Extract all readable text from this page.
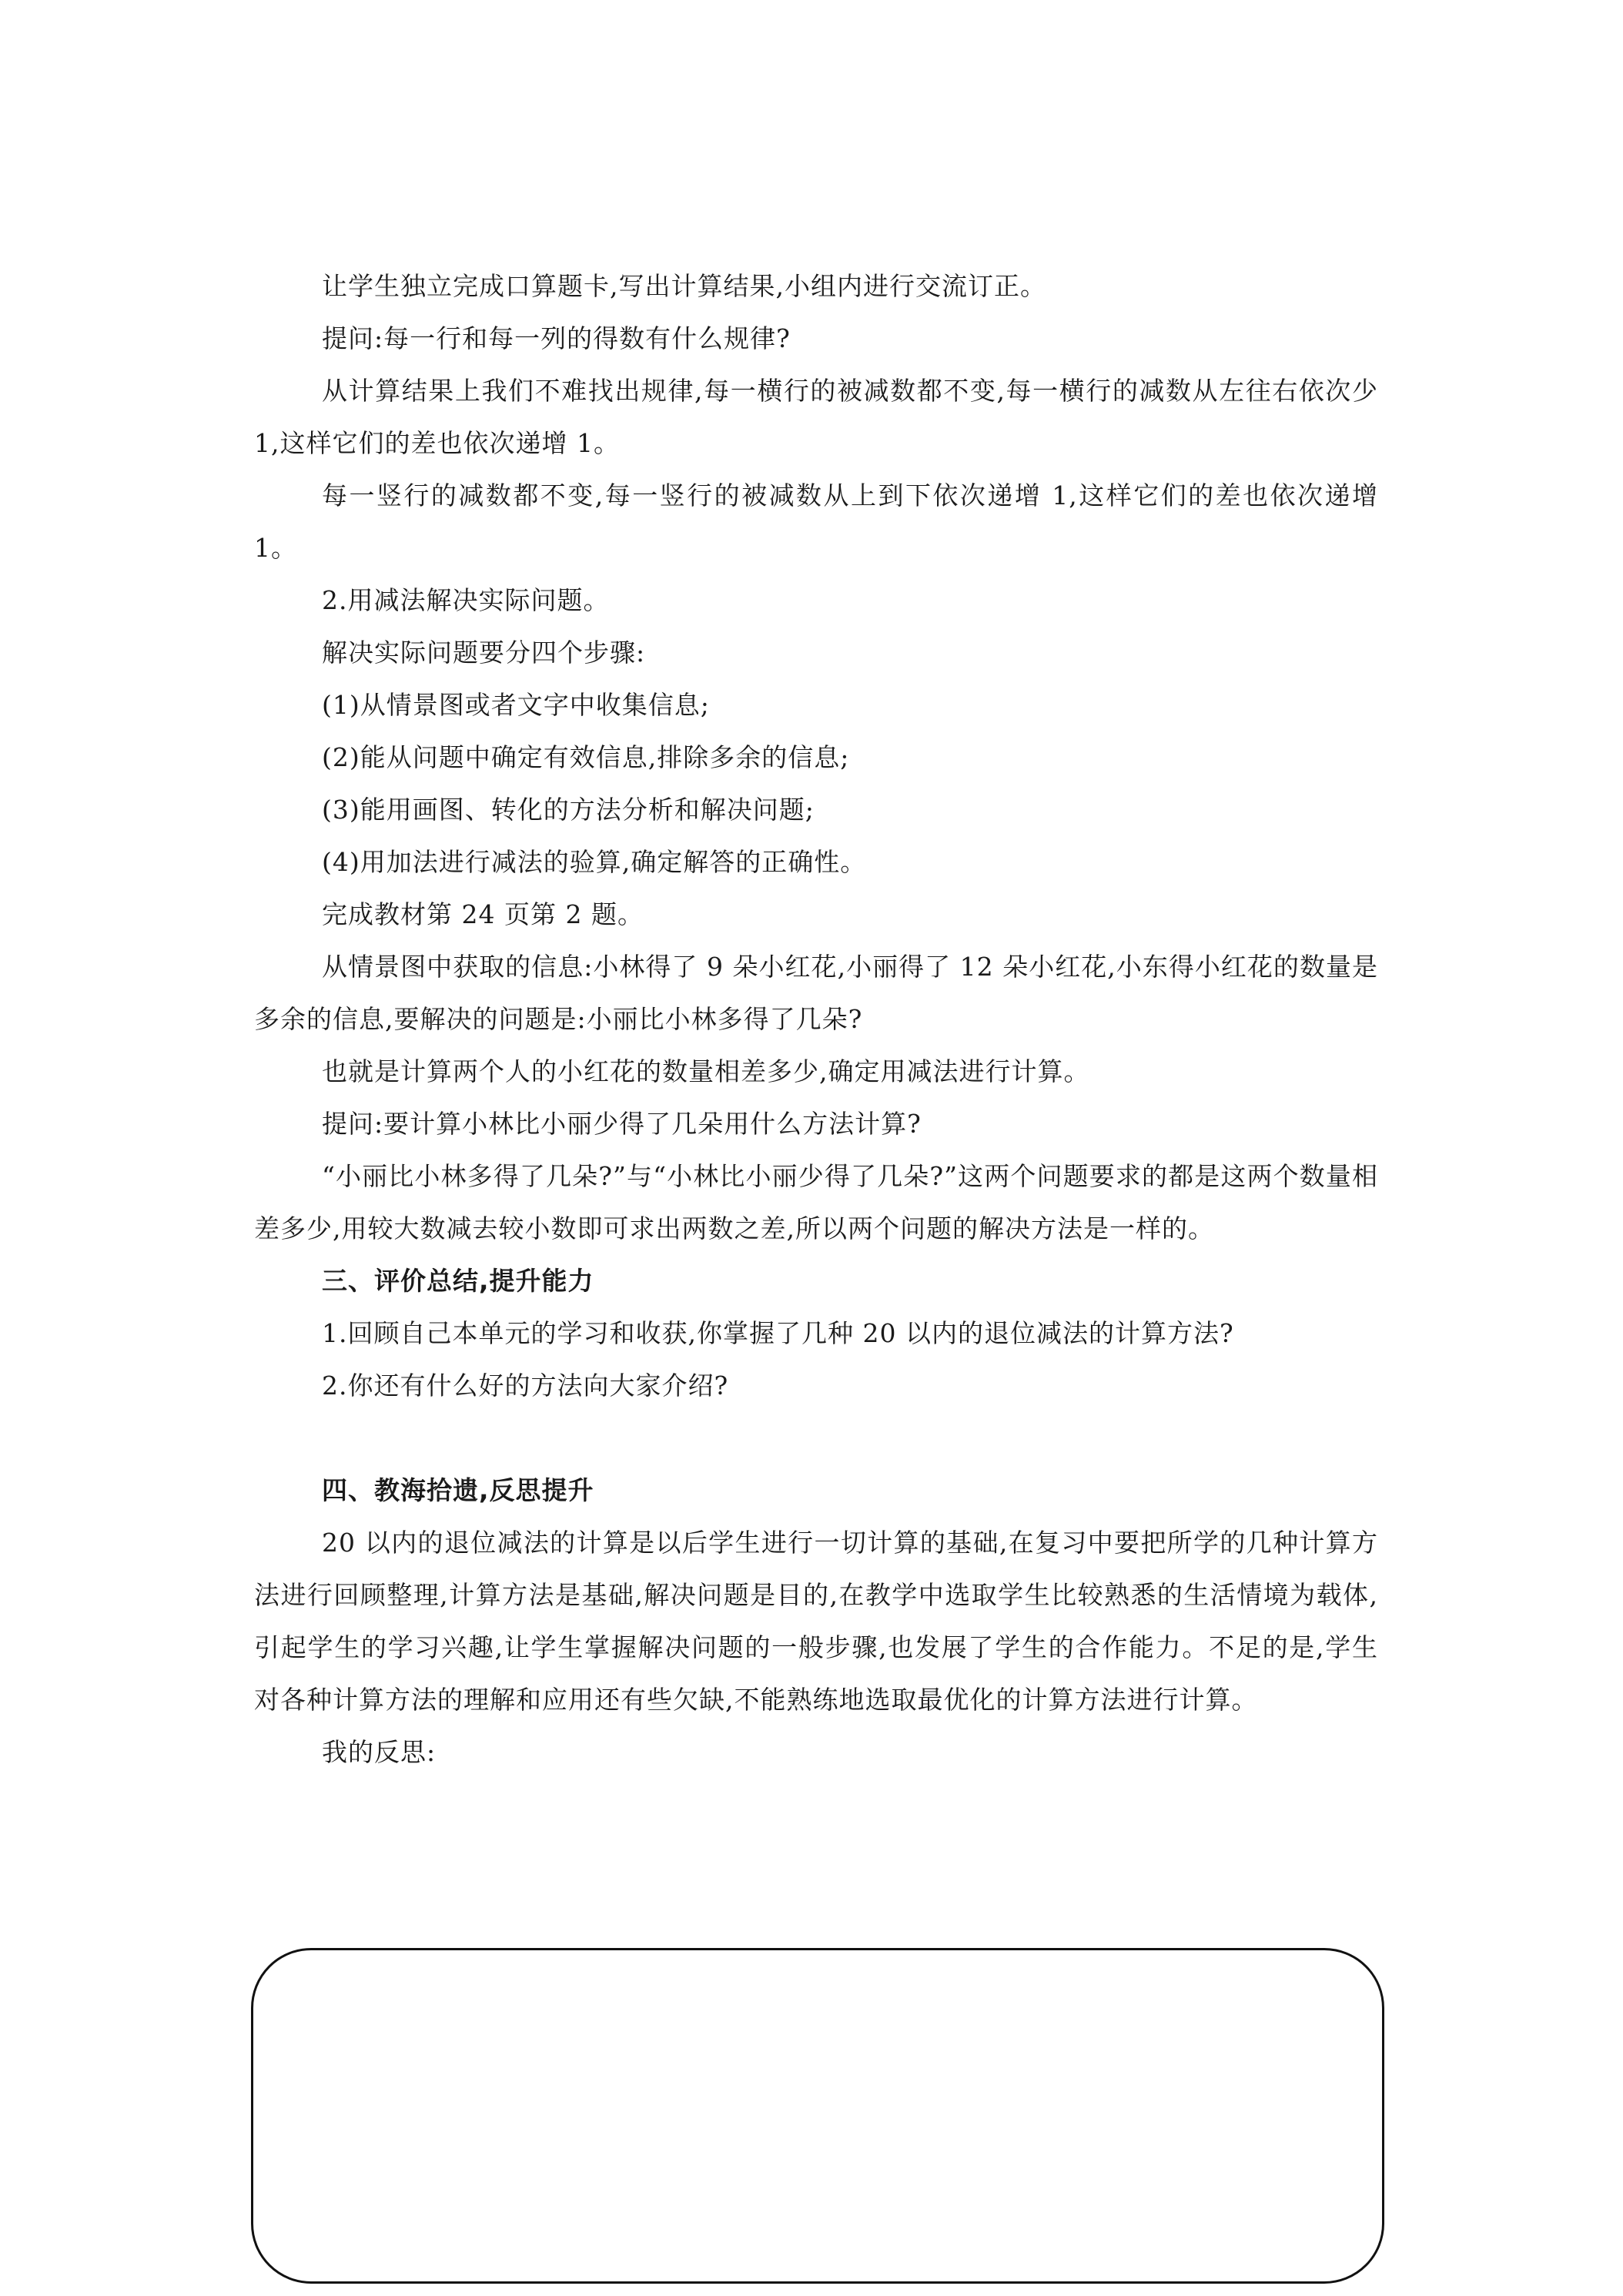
让学生独立完成口算题卡,写出计算结果,小组内进行交流订正。

提问:每一行和每一列的得数有什么规律?

从计算结果上我们不难找出规律,每一横行的被减数都不变,每一横行的减数从左往右依次少 1,这样它们的差也依次递增 1。

每一竖行的减数都不变,每一竖行的被减数从上到下依次递增 1,这样它们的差也依次递增 1。

2.用减法解决实际问题。

解决实际问题要分四个步骤:

(1)从情景图或者文字中收集信息;

(2)能从问题中确定有效信息,排除多余的信息;

(3)能用画图、转化的方法分析和解决问题;

(4)用加法进行减法的验算,确定解答的正确性。

完成教材第 24 页第 2 题。

从情景图中获取的信息:小林得了 9 朵小红花,小丽得了 12 朵小红花,小东得小红花的数量是多余的信息,要解决的问题是:小丽比小林多得了几朵?

也就是计算两个人的小红花的数量相差多少,确定用减法进行计算。

提问:要计算小林比小丽少得了几朵用什么方法计算?

“小丽比小林多得了几朵?”与“小林比小丽少得了几朵?”这两个问题要求的都是这两个数量相差多少,用较大数减去较小数即可求出两数之差,所以两个问题的解决方法是一样的。

三、评价总结,提升能力

1.回顾自己本单元的学习和收获,你掌握了几种 20 以内的退位减法的计算方法?

2.你还有什么好的方法向大家介绍?

四、教海拾遗,反思提升

20 以内的退位减法的计算是以后学生进行一切计算的基础,在复习中要把所学的几种计算方法进行回顾整理,计算方法是基础,解决问题是目的,在教学中选取学生比较熟悉的生活情境为载体,引起学生的学习兴趣,让学生掌握解决问题的一般步骤,也发展了学生的合作能力。不足的是,学生对各种计算方法的理解和应用还有些欠缺,不能熟练地选取最优化的计算方法进行计算。

我的反思:
